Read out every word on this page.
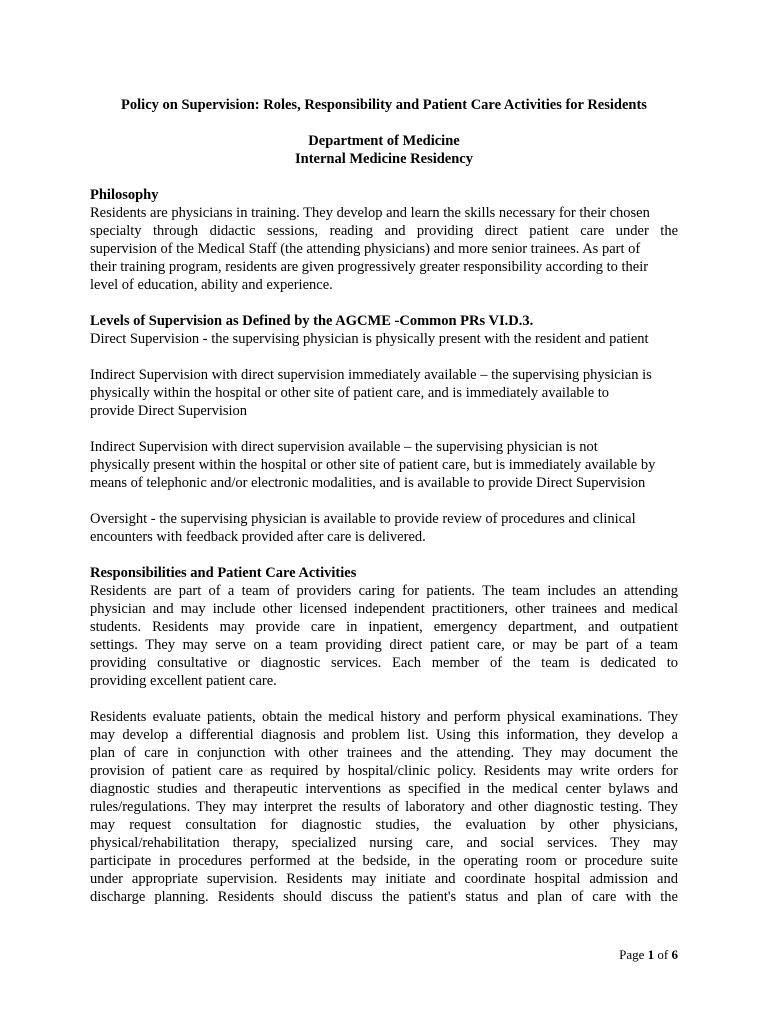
Policy on Supervision: Roles, Responsibility and Patient Care Activities for Residents
Department of Medicine
Internal Medicine Residency
Philosophy
Residents are physicians in training. They develop and learn the skills necessary for their chosen
specialty through didactic sessions, reading and providing direct patient care under the
supervision of the Medical Staff (the attending physicians) and more senior trainees. As part of
their training program, residents are given progressively greater responsibility according to their
level of education, ability and experience.
Levels of Supervision as Defined by the AGCME -Common PRs VI.D.3.
Direct Supervision - the supervising physician is physically present with the resident and patient
Indirect Supervision with direct supervision immediately available – the supervising physician is
physically within the hospital or other site of patient care, and is immediately available to
provide Direct Supervision
Indirect Supervision with direct supervision available – the supervising physician is not
physically present within the hospital or other site of patient care, but is immediately available by
means of telephonic and/or electronic modalities, and is available to provide Direct Supervision
Oversight - the supervising physician is available to provide review of procedures and clinical
encounters with feedback provided after care is delivered.
Responsibilities and Patient Care Activities
Residents are part of a team of providers caring for patients. The team includes an attending
physician and may include other licensed independent practitioners, other trainees and medical
students. Residents may provide care in inpatient, emergency department, and outpatient
settings. They may serve on a team providing direct patient care, or may be part of a team
providing consultative or diagnostic services. Each member of the team is dedicated to
providing excellent patient care.
Residents evaluate patients, obtain the medical history and perform physical examinations. They
may develop a differential diagnosis and problem list. Using this information, they develop a
plan of care in conjunction with other trainees and the attending. They may document the
provision of patient care as required by hospital/clinic policy. Residents may write orders for
diagnostic studies and therapeutic interventions as specified in the medical center bylaws and
rules/regulations. They may interpret the results of laboratory and other diagnostic testing. They
may request consultation for diagnostic studies, the evaluation by other physicians,
physical/rehabilitation therapy, specialized nursing care, and social services. They may
participate in procedures performed at the bedside, in the operating room or procedure suite
under appropriate supervision. Residents may initiate and coordinate hospital admission and
discharge planning. Residents should discuss the patient's status and plan of care with the
Page 1 of 6
